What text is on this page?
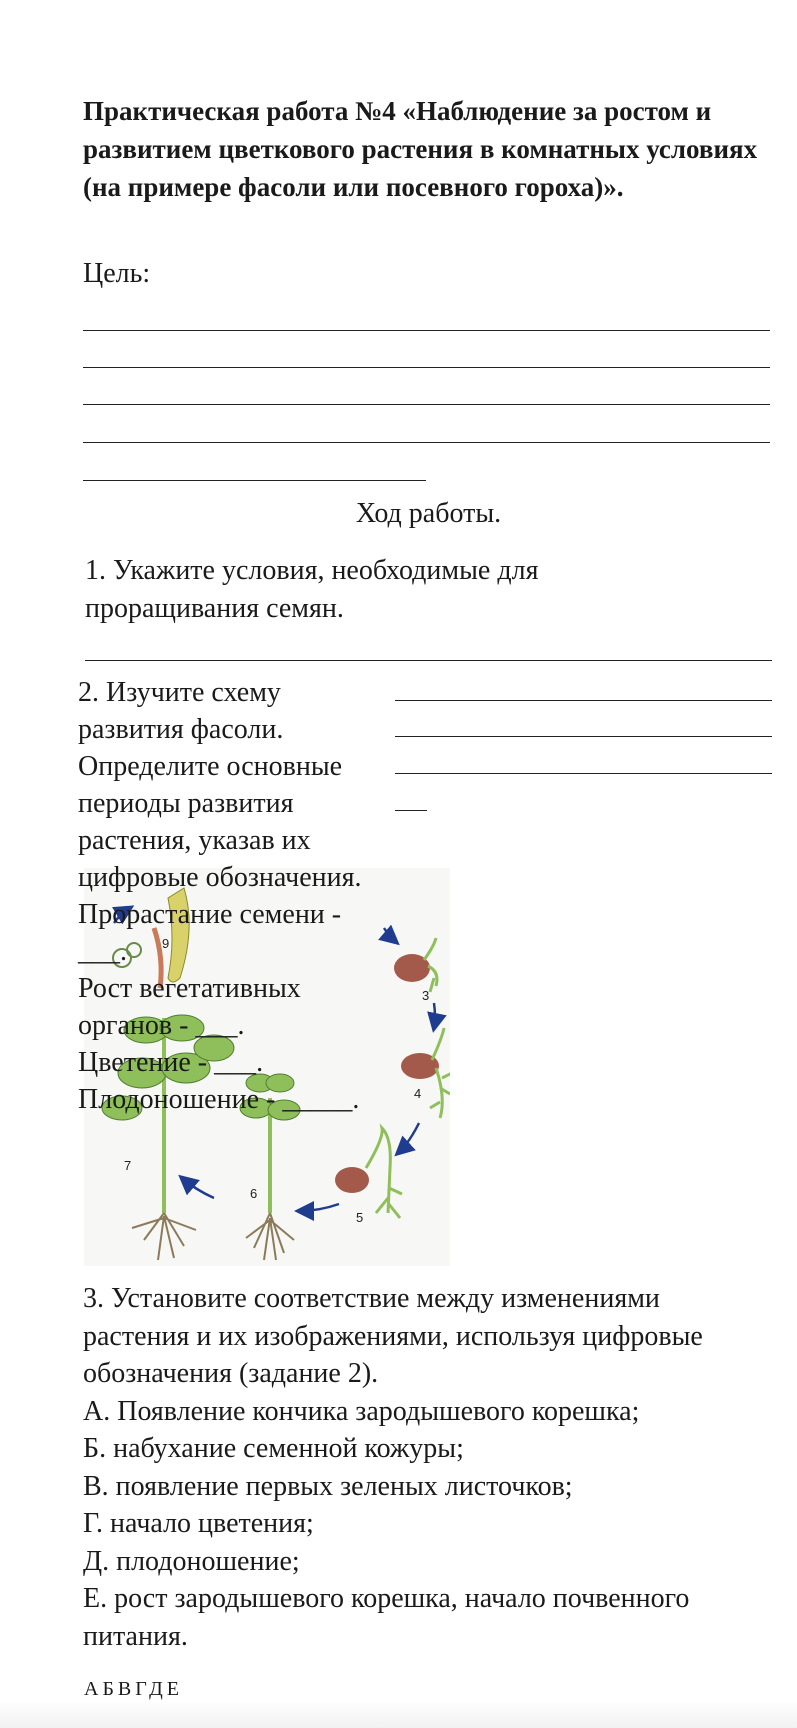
Практическая работа №4 «Наблюдение за ростом и развитием цветкового растения в комнатных условиях (на примере фасоли или посевного гороха)».
Цель:
Ход работы.
1. Укажите условия, необходимые для проращивания семян.
3
4
5
6
7
9
2. Изучите схему
развития фасоли.
Определите основные
периоды развития
растения, указав их
цифровые обозначения.
Прорастание семени -
___.
Рост вегетативных
органов - ___.
Цветение - ___.
Плодоношение - _____.
3. Установите соответствие между изменениями
растения и их изображениями, используя цифровые
обозначения (задание 2).
А. Появление кончика зародышевого корешка;
Б. набухание семенной кожуры;
В. появление первых зеленых листочков;
Г. начало цветения;
Д. плодоношение;
Е. рост зародышевого корешка, начало почвенного
питания.
АБВГДЕ
